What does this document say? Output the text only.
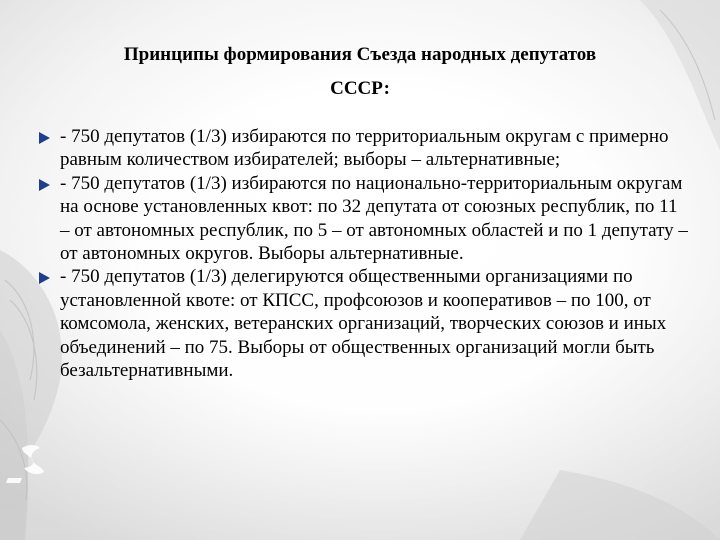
Принципы формирования Съезда народных депутатов
СССР:
- 750 депутатов (1/3) избираются по территориальным округам с примерно равным количеством избирателей; выборы – альтернативные;
- 750 депутатов (1/3) избираются по национально-территориальным округам на основе установленных квот: по 32 депутата от союзных республик, по 11 – от автономных республик, по 5 – от автономных областей и по 1 депутату – от автономных округов. Выборы альтернативные.
- 750 депутатов (1/3) делегируются общественными организациями по установленной квоте: от КПСС, профсоюзов и кооперативов – по 100, от комсомола, женских, ветеранских организаций, творческих союзов и иных объединений – по 75. Выборы от общественных организаций могли быть безальтернативными.
